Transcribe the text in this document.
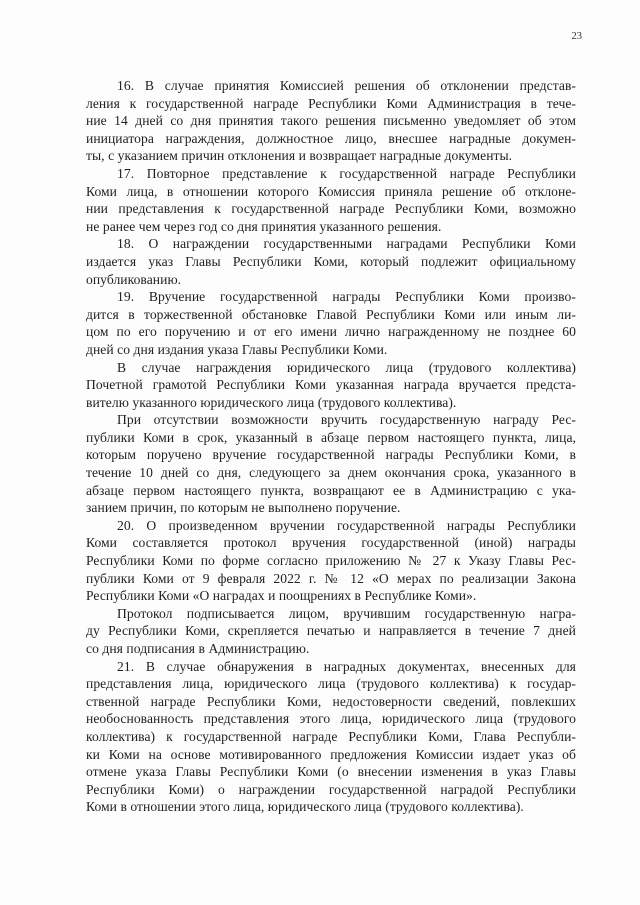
23

16. В случае принятия Комиссией решения об отклонении представ-
ления к государственной награде Республики Коми Администрация в тече-
ние 14 дней со дня принятия такого решения письменно уведомляет об этом
инициатора награждения, должностное лицо, внесшее наградные докумен-
ты, с указанием причин отклонения и возвращает наградные документы.

17. Повторное представление к государственной награде Республики
Коми лица, в отношении которого Комиссия приняла решение об отклоне-
нии представления к государственной награде Республики Коми, возможно
не ранее чем через год со дня принятия указанного решения.

18. О награждении государственными наградами Республики Коми
издается указ Главы Республики Коми, который подлежит официальному
опубликованию.

19. Вручение государственной награды Республики Коми произво-
дится в торжественной обстановке Главой Республики Коми или иным ли-
цом по его поручению и от его имени лично награжденному не позднее 60
дней со дня издания указа Главы Республики Коми.

В случае награждения юридического лица (трудового коллектива)
Почетной грамотой Республики Коми указанная награда вручается предста-
вителю указанного юридического лица (трудового коллектива).

При отсутствии возможности вручить государственную награду Рес-
публики Коми в срок, указанный в абзаце первом настоящего пункта, лица,
которым поручено вручение государственной награды Республики Коми, в
течение 10 дней со дня, следующего за днем окончания срока, указанного в
абзаце первом настоящего пункта, возвращают ее в Администрацию с ука-
занием причин, по которым не выполнено поручение.

20. О произведенном вручении государственной награды Республики
Коми составляется протокол вручения государственной (иной) награды
Республики Коми по форме согласно приложению № 27 к Указу Главы Рес-
публики Коми от 9 февраля 2022 г. № 12 «О мерах по реализации Закона
Республики Коми «О наградах и поощрениях в Республике Коми».

Протокол подписывается лицом, вручившим государственную награ-
ду Республики Коми, скрепляется печатью и направляется в течение 7 дней
со дня подписания в Администрацию.

21. В случае обнаружения в наградных документах, внесенных для
представления лица, юридического лица (трудового коллектива) к государ-
ственной награде Республики Коми, недостоверности сведений, повлекших
необоснованность представления этого лица, юридического лица (трудового
коллектива) к государственной награде Республики Коми, Глава Республи-
ки Коми на основе мотивированного предложения Комиссии издает указ об
отмене указа Главы Республики Коми (о внесении изменения в указ Главы
Республики Коми) о награждении государственной наградой Республики
Коми в отношении этого лица, юридического лица (трудового коллектива).
